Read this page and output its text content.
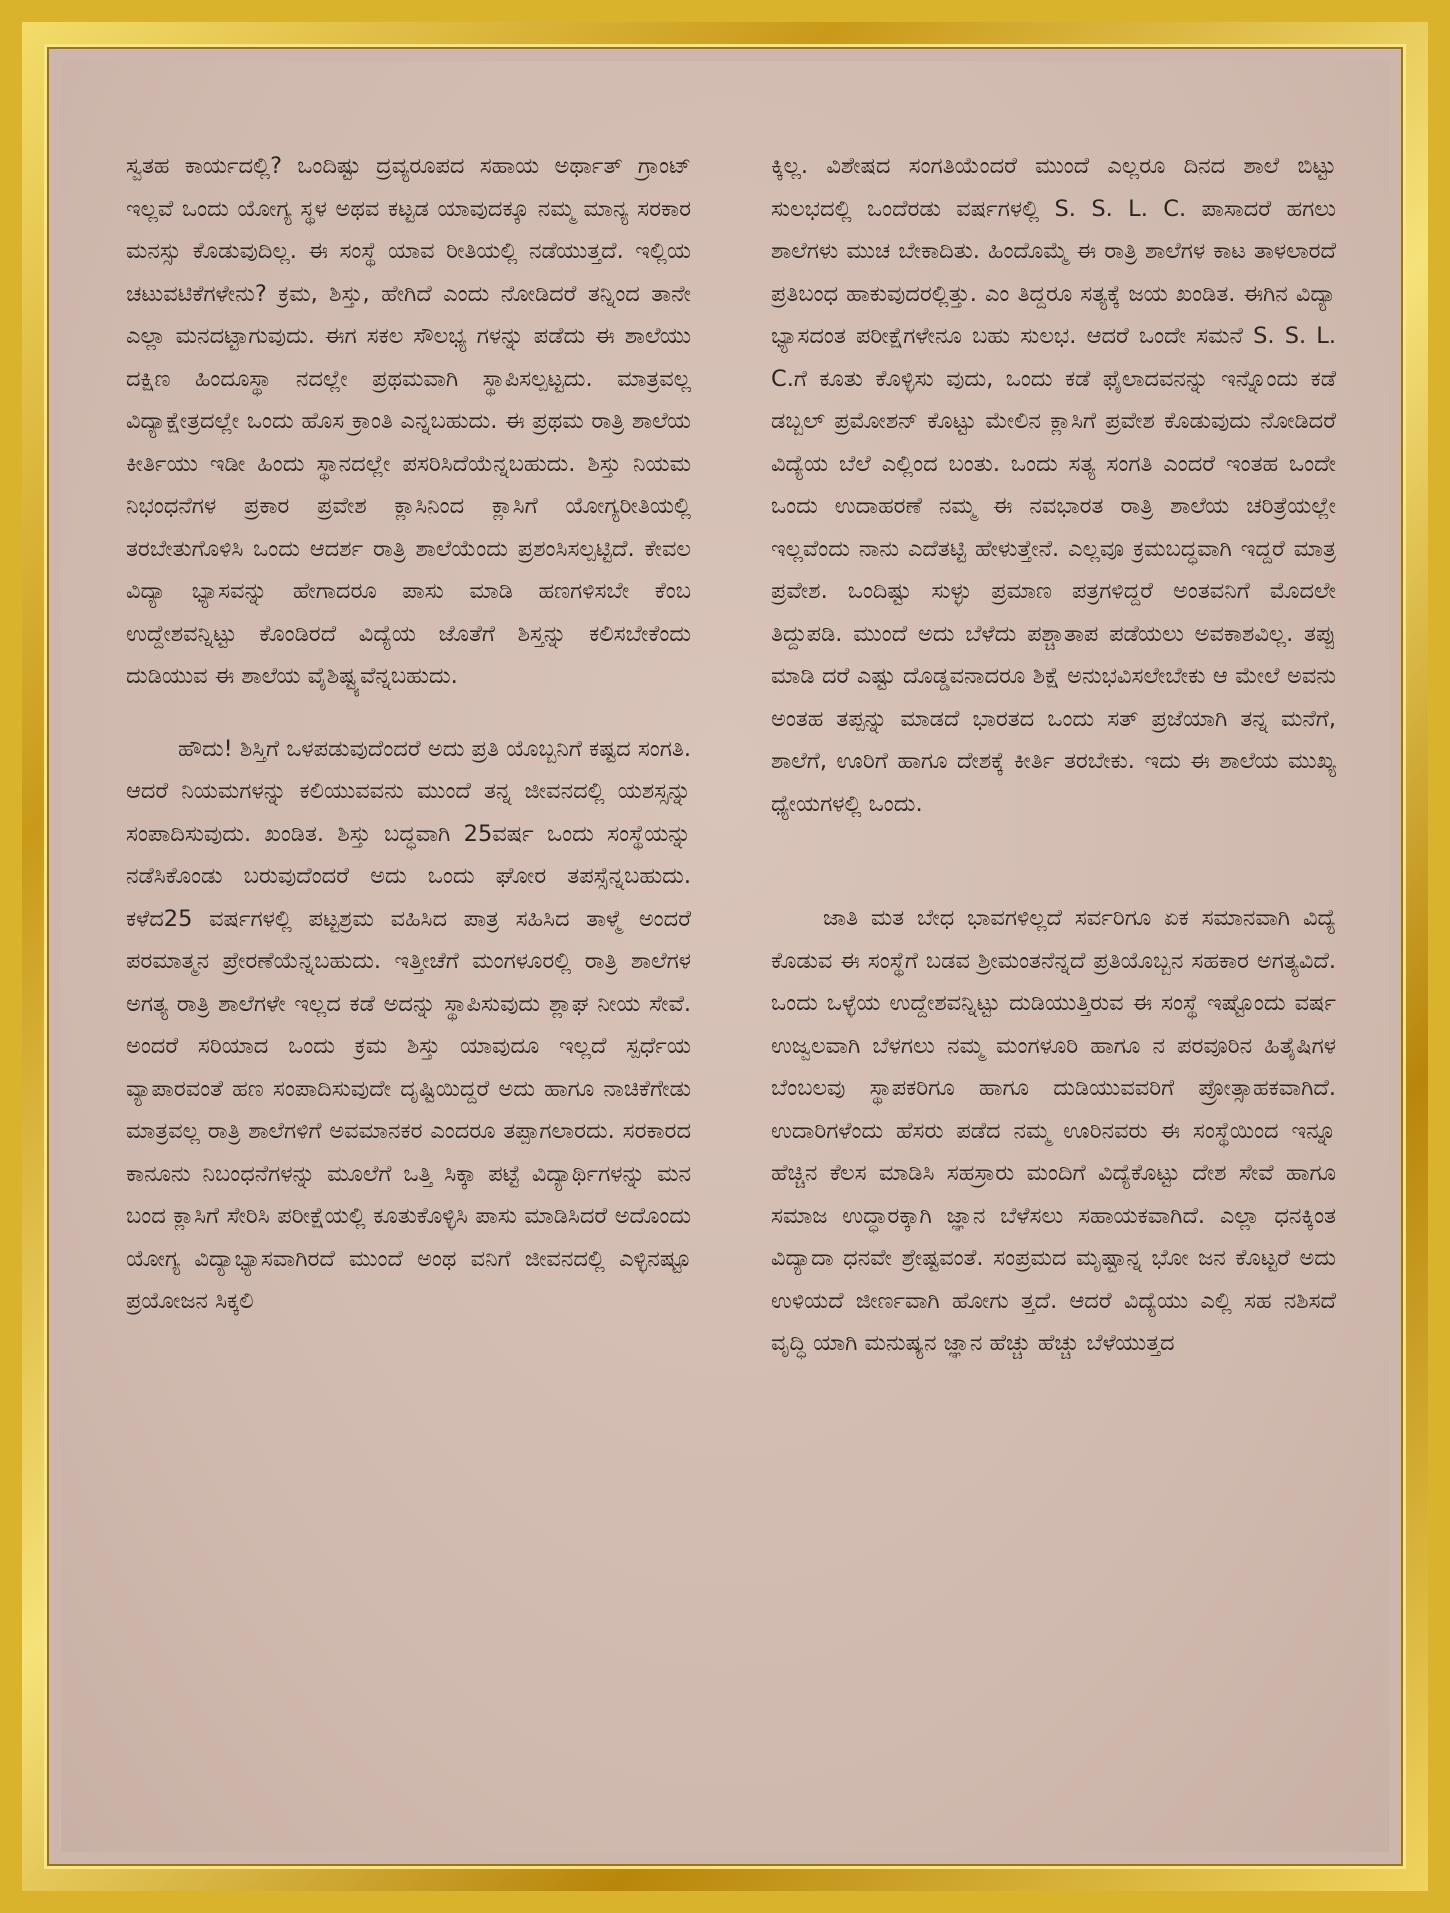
ಸ್ವತಹ ಕಾರ್ಯದಲ್ಲಿ? ಒಂದಿಷ್ಟು ದ್ರವ್ಯರೂಪದ ಸಹಾಯ ಅರ್ಥಾತ್ ಗ್ರಾಂಟ್ ಇಲ್ಲವೆ ಒಂದು ಯೋಗ್ಯ ಸ್ಥಳ ಅಥವ ಕಟ್ಟಡ ಯಾವುದಕ್ಕೂ ನಮ್ಮ ಮಾನ್ಯ ಸರಕಾರ ಮನಸ್ಸು ಕೊಡುವುದಿಲ್ಲ. ಈ ಸಂಸ್ಥೆ ಯಾವ ರೀತಿಯಲ್ಲಿ ನಡೆಯುತ್ತದೆ. ಇಲ್ಲಿಯ ಚಟುವಟಿಕೆಗಳೇನು? ಕ್ರಮ, ಶಿಸ್ತು, ಹೇಗಿದೆ ಎಂದು ನೋಡಿದರೆ ತನ್ನಿಂದ ತಾನೇ ಎಲ್ಲಾ ಮನದಟ್ಟಾಗುವುದು. ಈಗ ಸಕಲ ಸೌಲಭ್ಯ ಗಳನ್ನು ಪಡೆದು ಈ ಶಾಲೆಯು ದಕ್ಷಿಣ ಹಿಂದೂಸ್ಥಾ ನದಲ್ಲೇ ಪ್ರಥಮವಾಗಿ ಸ್ಥಾಪಿಸಲ್ಪಟ್ಟದು. ಮಾತ್ರವಲ್ಲ ವಿದ್ಯಾಕ್ಷೇತ್ರದಲ್ಲೇ ಒಂದು ಹೊಸ ಕ್ರಾಂತಿ ಎನ್ನಬಹುದು. ಈ ಪ್ರಥಮ ರಾತ್ರಿ ಶಾಲೆಯ ಕೀರ್ತಿಯು ಇಡೀ ಹಿಂದು ಸ್ಥಾನದಲ್ಲೇ ಪಸರಿಸಿದೆಯೆನ್ನಬಹುದು. ಶಿಸ್ತು ನಿಯಮ ನಿಭಂಧನೆಗಳ ಪ್ರಕಾರ ಪ್ರವೇಶ ಕ್ಲಾಸಿನಿಂದ ಕ್ಲಾಸಿಗೆ ಯೋಗ್ಯರೀತಿಯಲ್ಲಿ ತರಬೇತುಗೊಳಿಸಿ ಒಂದು ಆದರ್ಶ ರಾತ್ರಿ ಶಾಲೆಯೆಂದು ಪ್ರಶಂಸಿಸಲ್ಪಟ್ಟಿದೆ. ಕೇವಲ ವಿದ್ಯಾ ಭ್ಯಾಸವನ್ನು ಹೇಗಾದರೂ ಪಾಸು ಮಾಡಿ ಹಣಗಳಿಸಬೇ ಕೆಂಬ ಉದ್ದೇಶವನ್ನಿಟ್ಟು ಕೊಂಡಿರದೆ ವಿದ್ಯೆಯ ಜೊತೆಗೆ ಶಿಸ್ತನ್ನು ಕಲಿಸಬೇಕೆಂದು ದುಡಿಯುವ ಈ ಶಾಲೆಯ ವೈಶಿಷ್ಟ್ಯವೆನ್ನಬಹುದು.

ಹೌದು! ಶಿಸ್ತಿಗೆ ಒಳಪಡುವುದೆಂದರೆ ಅದು ಪ್ರತಿ ಯೊಬ್ಬನಿಗೆ ಕಷ್ಟದ ಸಂಗತಿ. ಆದರೆ ನಿಯಮಗಳನ್ನು ಕಲಿಯುವವನು ಮುಂದೆ ತನ್ನ ಜೀವನದಲ್ಲಿ ಯಶಸ್ಸನ್ನು ಸಂಪಾದಿಸುವುದು. ಖಂಡಿತ. ಶಿಸ್ತು ಬದ್ಧವಾಗಿ 25ವರ್ಷ ಒಂದು ಸಂಸ್ಥೆಯನ್ನು ನಡೆಸಿಕೊಂಡು ಬರುವುದೆಂದರೆ ಅದು ಒಂದು ಘೋರ ತಪಸ್ಸೆನ್ನಬಹುದು. ಕಳೆದ25 ವರ್ಷಗಳಲ್ಲಿ ಪಟ್ಟಶ್ರಮ ವಹಿಸಿದ ಪಾತ್ರ ಸಹಿಸಿದ ತಾಳ್ಮೆ ಅಂದರೆ ಪರಮಾತ್ಮನ ಪ್ರೇರಣೆಯೆನ್ನಬಹುದು. ಇತ್ತೀಚೆಗೆ ಮಂಗಳೂರಲ್ಲಿ ರಾತ್ರಿ ಶಾಲೆಗಳ ಅಗತ್ಯ ರಾತ್ರಿ ಶಾಲೆಗಳೇ ಇಲ್ಲದ ಕಡೆ ಅದನ್ನು ಸ್ಥಾಪಿಸುವುದು ಶ್ಲಾಘ ನೀಯ ಸೇವೆ. ಅಂದರೆ ಸರಿಯಾದ ಒಂದು ಕ್ರಮ ಶಿಸ್ತು ಯಾವುದೂ ಇಲ್ಲದೆ ಸ್ಪರ್ಧೆಯ ವ್ಯಾಪಾರವಂತೆ ಹಣ ಸಂಪಾದಿಸುವುದೇ ದೃಷ್ಟಿಯಿದ್ದರೆ ಅದು ಹಾಗೂ ನಾಚಿಕೆಗೇಡು ಮಾತ್ರವಲ್ಲ ರಾತ್ರಿ ಶಾಲೆಗಳಿಗೆ ಅವಮಾನಕರ ಎಂದರೂ ತಪ್ಪಾಗಲಾರದು. ಸರಕಾರದ ಕಾನೂನು ನಿಬಂಧನೆಗಳನ್ನು ಮೂಲೆಗೆ ಒತ್ತಿ ಸಿಕ್ಕಾ ಪಟ್ಟೆ ವಿದ್ಯಾರ್ಥಿಗಳನ್ನು ಮನ ಬಂದ ಕ್ಲಾಸಿಗೆ ಸೇರಿಸಿ ಪರೀಕ್ಷೆಯಲ್ಲಿ ಕೂತುಕೊಳ್ಳಿಸಿ ಪಾಸು ಮಾಡಿಸಿದರೆ ಅದೊಂದು ಯೋಗ್ಯ ವಿದ್ಯಾಭ್ಯಾಸವಾಗಿರದೆ ಮುಂದೆ ಅಂಥ ವನಿಗೆ ಜೀವನದಲ್ಲಿ ಎಳ್ಳಿನಷ್ಟೂ ಪ್ರಯೋಜನ ಸಿಕ್ಕಲಿ

ಕ್ಕಿಲ್ಲ. ವಿಶೇಷದ ಸಂಗತಿಯೆಂದರೆ ಮುಂದೆ ಎಲ್ಲರೂ ದಿನದ ಶಾಲೆ ಬಿಟ್ಟು ಸುಲಭದಲ್ಲಿ ಒಂದೆರಡು ವರ್ಷಗಳಲ್ಲಿ S. S. L. C. ಪಾಸಾದರೆ ಹಗಲು ಶಾಲೆಗಳು ಮುಚ ಬೇಕಾದಿತು. ಹಿಂದೊಮ್ಮೆ ಈ ರಾತ್ರಿ ಶಾಲೆಗಳ ಕಾಟ ತಾಳಲಾರದೆ ಪ್ರತಿಬಂಧ ಹಾಕುವುದರಲ್ಲಿತ್ತು. ಎಂ ತಿದ್ದರೂ ಸತ್ಯಕ್ಕೆ ಜಯ ಖಂಡಿತ. ಈಗಿನ ವಿದ್ಯಾ ಭ್ಯಾಸದಂತ ಪರೀಕ್ಷೆಗಳೇನೂ ಬಹು ಸುಲಭ. ಆದರೆ ಒಂದೇ ಸಮನೆ S. S. L. C.ಗೆ ಕೂತು ಕೊಳ್ಳಿಸು ವುದು, ಒಂದು ಕಡೆ ಫೈಲಾದವನನ್ನು ಇನ್ನೊಂದು ಕಡೆ ಡಬ್ಬಲ್ ಪ್ರಮೋಶನ್ ಕೊಟ್ಟು ಮೇಲಿನ ಕ್ಲಾಸಿಗೆ ಪ್ರವೇಶ ಕೊಡುವುದು ನೋಡಿದರೆ ವಿದ್ಯೆಯ ಬೆಲೆ ಎಲ್ಲಿಂದ ಬಂತು. ಒಂದು ಸತ್ಯ ಸಂಗತಿ ಎಂದರೆ ಇಂತಹ ಒಂದೇ ಒಂದು ಉದಾಹರಣೆ ನಮ್ಮ ಈ ನವಭಾರತ ರಾತ್ರಿ ಶಾಲೆಯ ಚರಿತ್ರೆಯಲ್ಲೇ ಇಲ್ಲವೆಂದು ನಾನು ಎದೆತಟ್ಟಿ ಹೇಳುತ್ತೇನೆ. ಎಲ್ಲವೂ ಕ್ರಮಬದ್ಧವಾಗಿ ಇದ್ದರೆ ಮಾತ್ರ ಪ್ರವೇಶ. ಒಂದಿಷ್ಟು ಸುಳ್ಳು ಪ್ರಮಾಣ ಪತ್ರಗಳಿದ್ದರೆ ಅಂತವನಿಗೆ ಮೊದಲೇ ತಿದ್ದುಪಡಿ. ಮುಂದೆ ಅದು ಬೆಳೆದು ಪಶ್ಚಾತಾಪ ಪಡೆಯಲು ಅವಕಾಶವಿಲ್ಲ. ತಪ್ಪು ಮಾಡಿ ದರೆ ಎಷ್ಟು ದೊಡ್ಡವನಾದರೂ ಶಿಕ್ಷೆ ಅನುಭವಿಸಲೇಬೇಕು ಆ ಮೇಲೆ ಅವನು ಅಂತಹ ತಪ್ಪನ್ನು ಮಾಡದೆ ಭಾರತದ ಒಂದು ಸತ್ ಪ್ರಜೆಯಾಗಿ ತನ್ನ ಮನೆಗೆ, ಶಾಲೆಗೆ, ಊರಿಗೆ ಹಾಗೂ ದೇಶಕ್ಕೆ ಕೀರ್ತಿ ತರಬೇಕು. ಇದು ಈ ಶಾಲೆಯ ಮುಖ್ಯ ಧ್ಯೇಯಗಳಲ್ಲಿ ಒಂದು.

ಜಾತಿ ಮತ ಬೇಧ ಭಾವಗಳಿಲ್ಲದೆ ಸರ್ವರಿಗೂ ಏಕ ಸಮಾನವಾಗಿ ವಿದ್ಯೆ ಕೊಡುವ ಈ ಸಂಸ್ಥೆಗೆ ಬಡವ ಶ್ರೀಮಂತನೆನ್ನದೆ ಪ್ರತಿಯೊಬ್ಬನ ಸಹಕಾರ ಅಗತ್ಯವಿದೆ. ಒಂದು ಒಳ್ಳೆಯ ಉದ್ದೇಶವನ್ನಿಟ್ಟು ದುಡಿಯುತ್ತಿರುವ ಈ ಸಂಸ್ಥೆ ಇಷ್ಟೊಂದು ವರ್ಷ ಉಜ್ವಲವಾಗಿ ಬೆಳಗಲು ನಮ್ಮ ಮಂಗಳೂರಿ ಹಾಗೂ ನ ಪರವೂರಿನ ಹಿತೈಷಿಗಳ ಬೆಂಬಲವು ಸ್ಥಾಪಕರಿಗೂ ಹಾಗೂ ದುಡಿಯುವವರಿಗೆ ಪ್ರೋತ್ಸಾಹಕವಾಗಿದೆ. ಉದಾರಿಗಳೆಂದು ಹೆಸರು ಪಡೆದ ನಮ್ಮ ಊರಿನವರು ಈ ಸಂಸ್ಥೆಯಿಂದ ಇನ್ನೂ ಹೆಚ್ಚಿನ ಕೆಲಸ ಮಾಡಿಸಿ ಸಹಸ್ರಾರು ಮಂದಿಗೆ ವಿದ್ಯೆಕೊಟ್ಟು ದೇಶ ಸೇವೆ ಹಾಗೂ ಸಮಾಜ ಉದ್ಧಾರಕ್ಕಾಗಿ ಜ್ಞಾನ ಬೆಳೆಸಲು ಸಹಾಯಕವಾಗಿದೆ. ಎಲ್ಲಾ ಧನಕ್ಕಿಂತ ವಿದ್ಯಾದಾ ಧನವೇ ಶ್ರೇಷ್ಟವಂತೆ. ಸಂಪ್ರಮದ ಮೃಷ್ಟಾನ್ನ ಭೋ ಜನ ಕೊಟ್ಟರೆ ಅದು ಉಳಿಯದೆ ಜೀರ್ಣವಾಗಿ ಹೋಗು ತ್ತದೆ. ಆದರೆ ವಿದ್ಯೆಯು ಎಲ್ಲಿ ಸಹ ನಶಿಸದೆ ವೃದ್ಧಿ ಯಾಗಿ ಮನುಷ್ಯನ ಜ್ಞಾನ ಹೆಚ್ಚು ಹೆಚ್ಚು ಬೆಳೆಯುತ್ತದ
